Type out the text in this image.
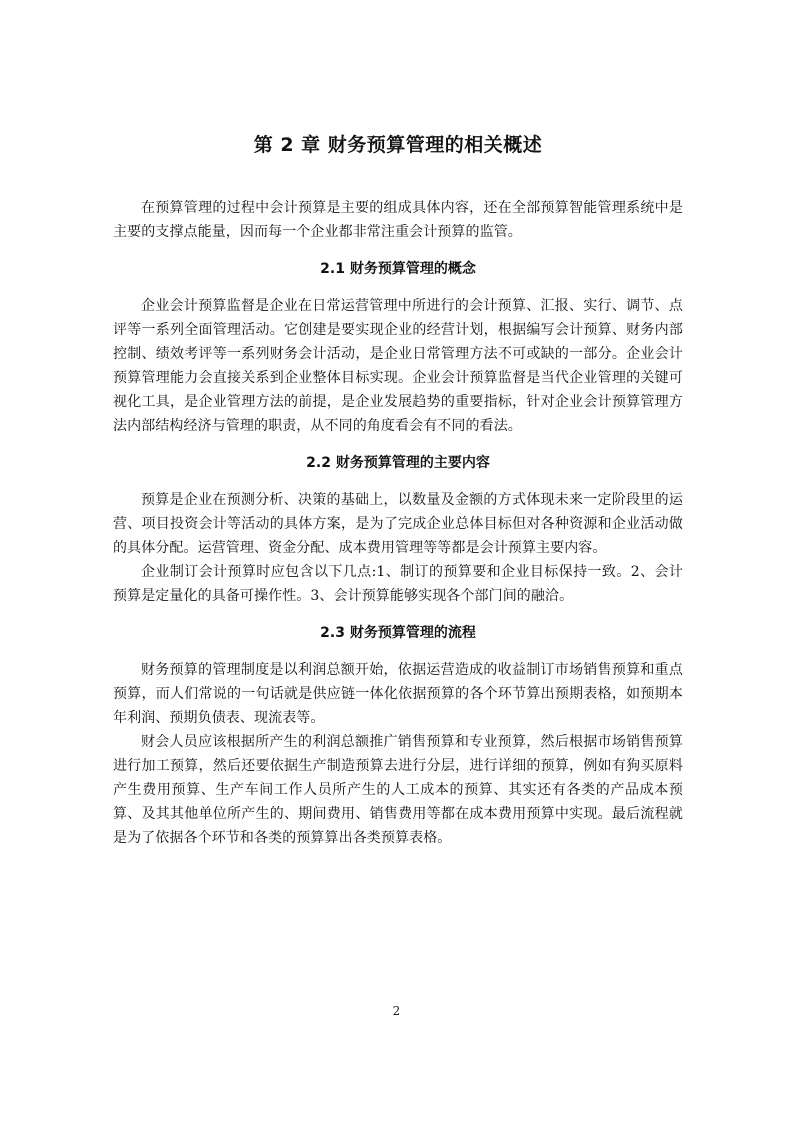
第 2 章 财务预算管理的相关概述

在预算管理的过程中会计预算是主要的组成具体内容，还在全部预算智能管理系统中是主要的支撑点能量，因而每一个企业都非常注重会计预算的监管。

2.1 财务预算管理的概念

企业会计预算监督是企业在日常运营管理中所进行的会计预算、汇报、实行、调节、点评等一系列全面管理活动。它创建是要实现企业的经营计划，根据编写会计预算、财务内部控制、绩效考评等一系列财务会计活动，是企业日常管理方法不可或缺的一部分。企业会计预算管理能力会直接关系到企业整体目标实现。企业会计预算监督是当代企业管理的关键可视化工具，是企业管理方法的前提，是企业发展趋势的重要指标，针对企业会计预算管理方法内部结构经济与管理的职责，从不同的角度看会有不同的看法。

2.2 财务预算管理的主要内容

预算是企业在预测分析、决策的基础上，以数量及金额的方式体现未来一定阶段里的运营、项目投资会计等活动的具体方案，是为了完成企业总体目标但对各种资源和企业活动做的具体分配。运营管理、资金分配、成本费用管理等等都是会计预算主要内容。

企业制订会计预算时应包含以下几点:1、制订的预算要和企业目标保持一致。2、会计预算是定量化的具备可操作性。3、会计预算能够实现各个部门间的融洽。

2.3 财务预算管理的流程

财务预算的管理制度是以利润总额开始，依据运营造成的收益制订市场销售预算和重点预算，而人们常说的一句话就是供应链一体化依据预算的各个环节算出预期表格，如预期本年利润、预期负债表、现流表等。

财会人员应该根据所产生的利润总额推广销售预算和专业预算，然后根据市场销售预算进行加工预算，然后还要依据生产制造预算去进行分层，进行详细的预算，例如有狗买原料产生费用预算、生产车间工作人员所产生的人工成本的预算、其实还有各类的产品成本预算、及其其他单位所产生的、期间费用、销售费用等都在成本费用预算中实现。最后流程就是为了依据各个环节和各类的预算算出各类预算表格。

2
